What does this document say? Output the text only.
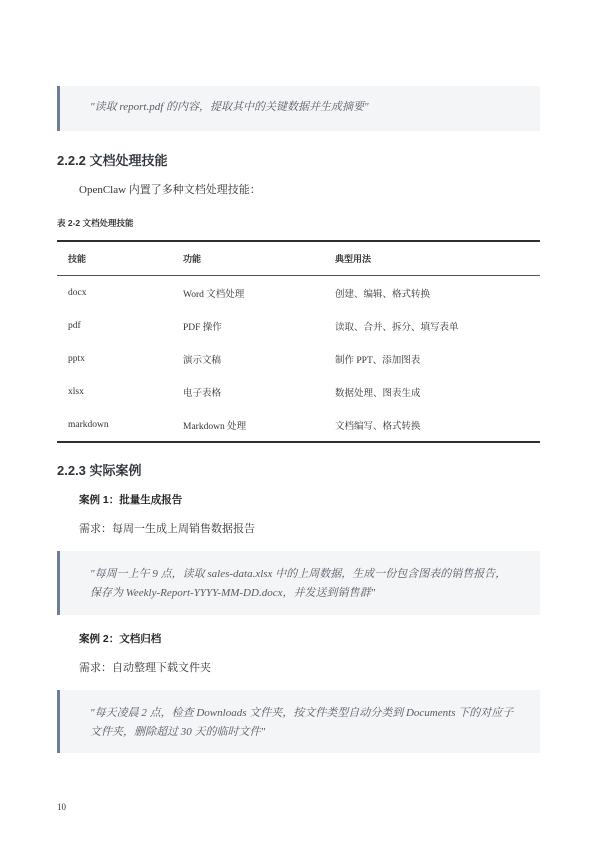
"读取 report.pdf 的内容，提取其中的关键数据并生成摘要"
2.2.2 文档处理技能

OpenClaw 内置了多种文档处理技能：

表 2-2 文档处理技能
技能	功能	典型用法
docx	Word 文档处理	创建、编辑、格式转换
pdf	PDF 操作	读取、合并、拆分、填写表单
pptx	演示文稿	制作 PPT、添加图表
xlsx	电子表格	数据处理、图表生成
markdown	Markdown 处理	文档编写、格式转换
2.2.3 实际案例

案例 1：批量生成报告

需求：每周一生成上周销售数据报告

"每周一上午 9 点，读取 sales-data.xlsx 中的上周数据，生成一份包含图表的销售报告，保存为 Weekly-Report-YYYY-MM-DD.docx，并发送到销售群"

案例 2：文档归档

需求：自动整理下载文件夹

"每天凌晨 2 点，检查 Downloads 文件夹，按文件类型自动分类到 Documents 下的对应子文件夹，删除超过 30 天的临时文件"
10
